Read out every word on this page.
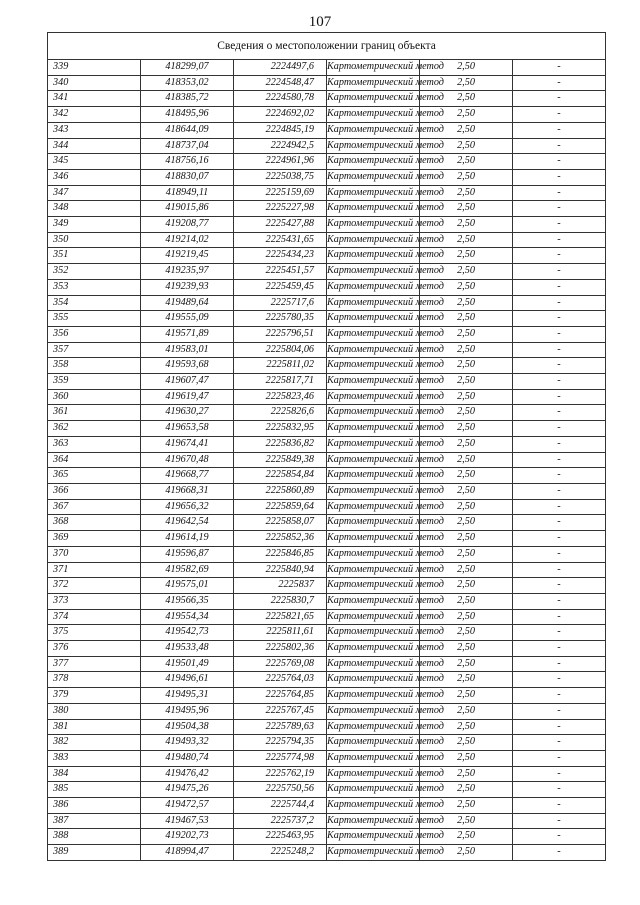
107
Сведения о местоположении границ объекта					
339	418299,07	2224497,6	Картометрический метод	2,50	-
340	418353,02	2224548,47	Картометрический метод	2,50	-
341	418385,72	2224580,78	Картометрический метод	2,50	-
342	418495,96	2224692,02	Картометрический метод	2,50	-
343	418644,09	2224845,19	Картометрический метод	2,50	-
344	418737,04	2224942,5	Картометрический метод	2,50	-
345	418756,16	2224961,96	Картометрический метод	2,50	-
346	418830,07	2225038,75	Картометрический метод	2,50	-
347	418949,11	2225159,69	Картометрический метод	2,50	-
348	419015,86	2225227,98	Картометрический метод	2,50	-
349	419208,77	2225427,88	Картометрический метод	2,50	-
350	419214,02	2225431,65	Картометрический метод	2,50	-
351	419219,45	2225434,23	Картометрический метод	2,50	-
352	419235,97	2225451,57	Картометрический метод	2,50	-
353	419239,93	2225459,45	Картометрический метод	2,50	-
354	419489,64	2225717,6	Картометрический метод	2,50	-
355	419555,09	2225780,35	Картометрический метод	2,50	-
356	419571,89	2225796,51	Картометрический метод	2,50	-
357	419583,01	2225804,06	Картометрический метод	2,50	-
358	419593,68	2225811,02	Картометрический метод	2,50	-
359	419607,47	2225817,71	Картометрический метод	2,50	-
360	419619,47	2225823,46	Картометрический метод	2,50	-
361	419630,27	2225826,6	Картометрический метод	2,50	-
362	419653,58	2225832,95	Картометрический метод	2,50	-
363	419674,41	2225836,82	Картометрический метод	2,50	-
364	419670,48	2225849,38	Картометрический метод	2,50	-
365	419668,77	2225854,84	Картометрический метод	2,50	-
366	419668,31	2225860,89	Картометрический метод	2,50	-
367	419656,32	2225859,64	Картометрический метод	2,50	-
368	419642,54	2225858,07	Картометрический метод	2,50	-
369	419614,19	2225852,36	Картометрический метод	2,50	-
370	419596,87	2225846,85	Картометрический метод	2,50	-
371	419582,69	2225840,94	Картометрический метод	2,50	-
372	419575,01	2225837	Картометрический метод	2,50	-
373	419566,35	2225830,7	Картометрический метод	2,50	-
374	419554,34	2225821,65	Картометрический метод	2,50	-
375	419542,73	2225811,61	Картометрический метод	2,50	-
376	419533,48	2225802,36	Картометрический метод	2,50	-
377	419501,49	2225769,08	Картометрический метод	2,50	-
378	419496,61	2225764,03	Картометрический метод	2,50	-
379	419495,31	2225764,85	Картометрический метод	2,50	-
380	419495,96	2225767,45	Картометрический метод	2,50	-
381	419504,38	2225789,63	Картометрический метод	2,50	-
382	419493,32	2225794,35	Картометрический метод	2,50	-
383	419480,74	2225774,98	Картометрический метод	2,50	-
384	419476,42	2225762,19	Картометрический метод	2,50	-
385	419475,26	2225750,56	Картометрический метод	2,50	-
386	419472,57	2225744,4	Картометрический метод	2,50	-
387	419467,53	2225737,2	Картометрический метод	2,50	-
388	419202,73	2225463,95	Картометрический метод	2,50	-
389	418994,47	2225248,2	Картометрический метод	2,50	-
